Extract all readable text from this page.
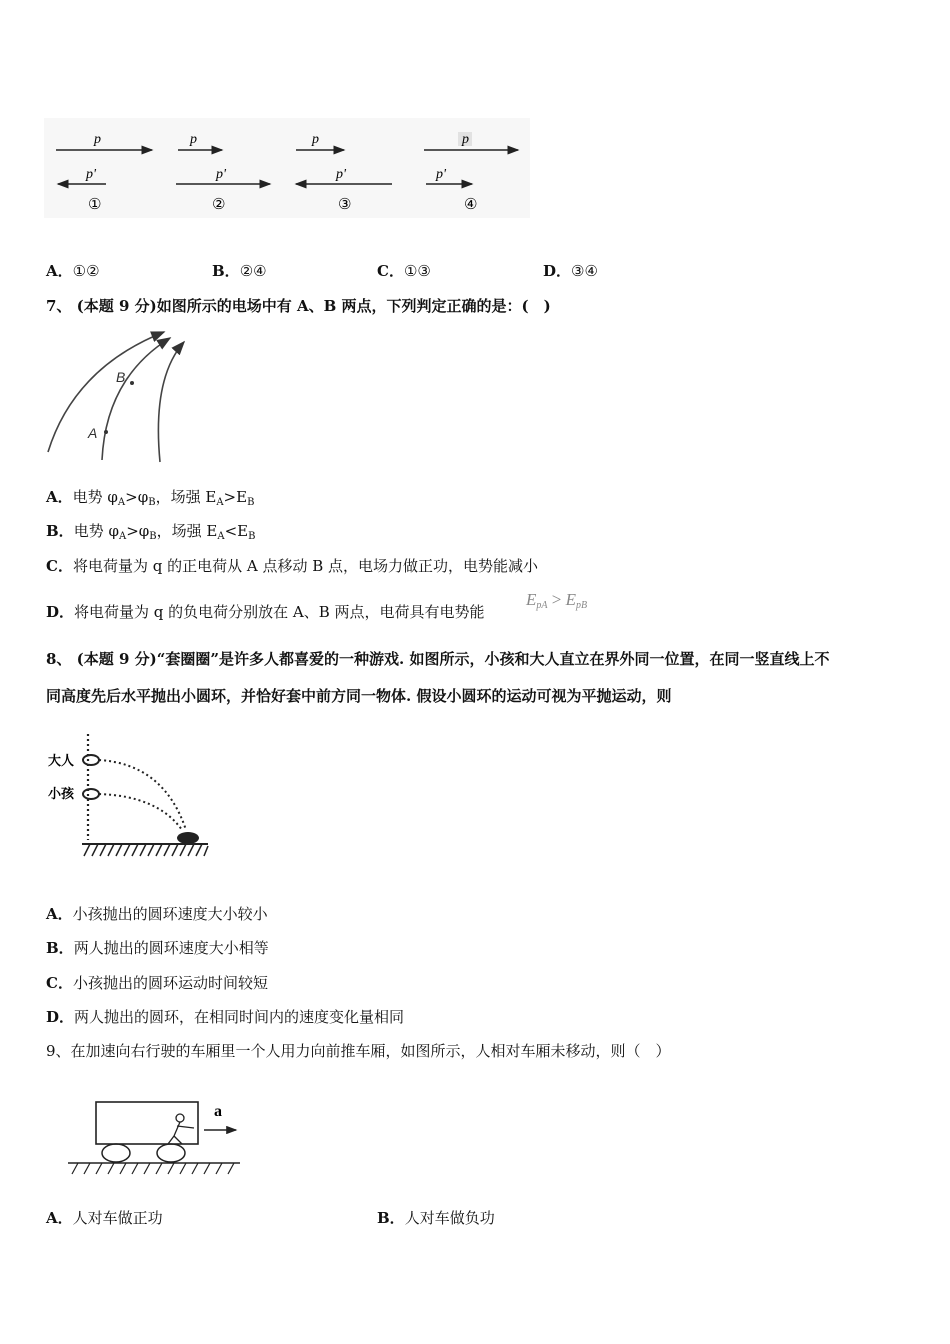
p
p'
①
p
p'
②
p
p'
③
p
p'
④
A．①②	B．②④	C．①③	D．③④
7、 (本题 9 分)如图所示的电场中有 A、B 两点，下列判定正确的是：(　)
A
B
A．电势 $\varphi_A>\varphi_B$，场强 $E_A>E_B$
B．电势 $\varphi_A>\varphi_B$，场强 $E_A<E_B$
C．将电荷量为 q 的正电荷从 A 点移动 B 点，电场力做正功，电势能减小
D．将电荷量为 q 的负电荷分别放在 A、B 两点，电荷具有电势能
$E_{pA} > E_{pB}$
8、 (本题 9 分)“套圈圈”是许多人都喜爱的一种游戏. 如图所示，小孩和大人直立在界外同一位置，在同一竖直线上不
同高度先后水平抛出小圆环，并恰好套中前方同一物体. 假设小圆环的运动可视为平抛运动，则
大人
小孩
A．小孩抛出的圆环速度大小较小
B．两人抛出的圆环速度大小相等
C．小孩抛出的圆环运动时间较短
D．两人抛出的圆环，在相同时间内的速度变化量相同
9、在加速向右行驶的车厢里一个人用力向前推车厢，如图所示，人相对车厢未移动，则（　）
a
A．人对车做正功	B．人对车做负功
